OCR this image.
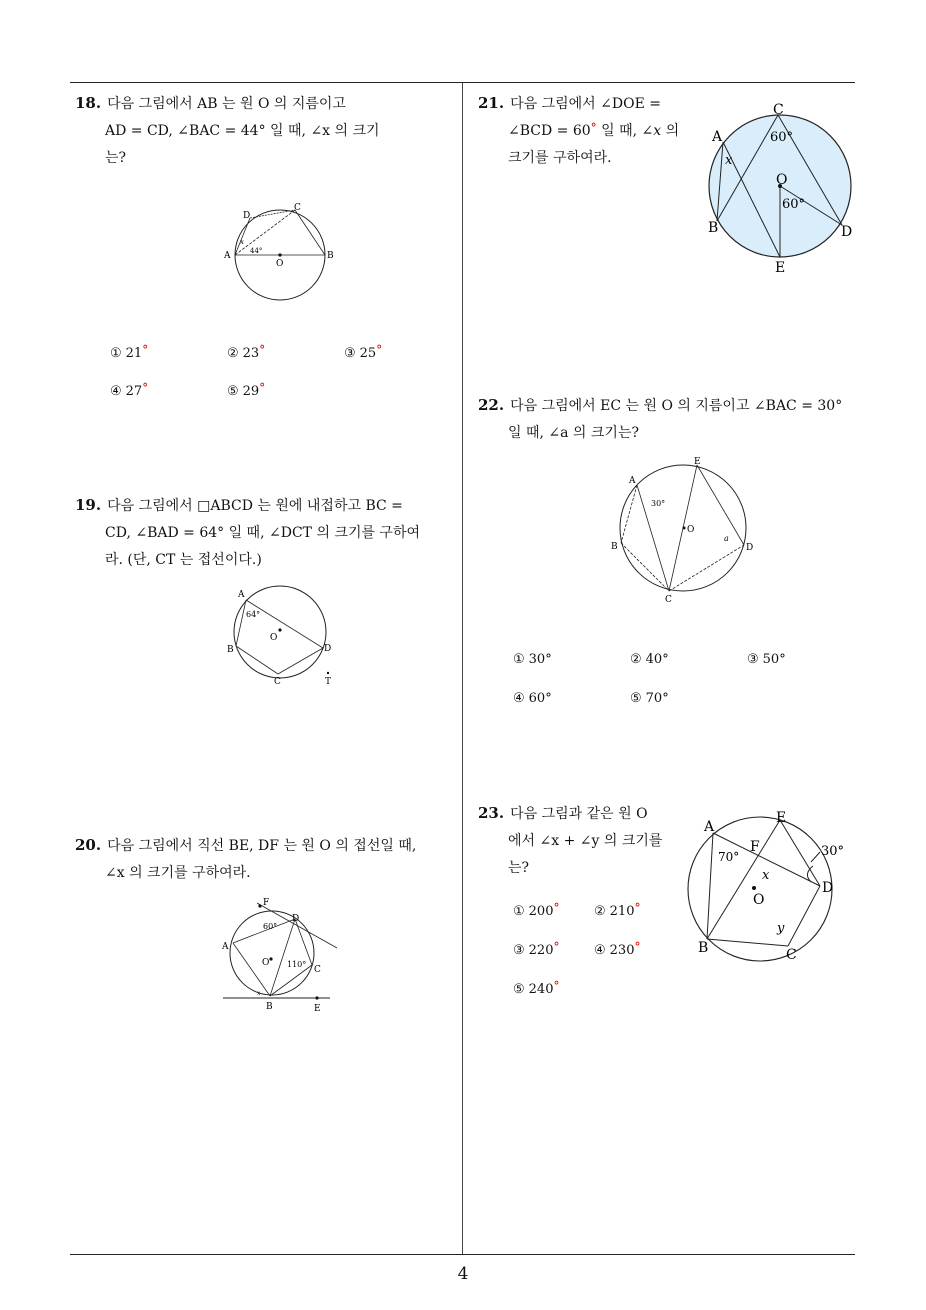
4
18. 다음 그림에서 AB 는 원 O 의 지름이고
AD = CD, ∠BAC = 44° 일 때, ∠x 의 크기
는?
A	B
C
D
O
44°
x
① 21°	② 23°	③ 25°
④ 27°	⑤ 29°
19. 다음 그림에서 □ABCD 는 원에 내접하고 BC =
CD, ∠BAD = 64° 일 때, ∠DCT 의 크기를 구하여
라. (단, CT 는 접선이다.)
A
B
C
D
O
T
64°
20. 다음 그림에서 직선 BE, DF 는 원 O 의 접선일 때,
∠x 의 크기를 구하여라.
F
D
A
O
C
B	E
60°
110°
x
21. 다음 그림에서 ∠DOE =
∠BCD = 60° 일 때, ∠x 의
크기를 구하여라.
C
A
O
B	D
E
60°
60°
x
22. 다음 그림에서 EC 는 원 O 의 지름이고 ∠BAC = 30°
일 때, ∠a 의 크기는?
E
A
B
C
D
O
30°
a
① 30°	② 40°	③ 50°
④ 60°	⑤ 70°
23. 다음 그림과 같은 원 O
에서 ∠x + ∠y 의 크기를
는?
A
E
F
D
O
B	C
70°	30°
x
y
① 200°	② 210°
③ 220°	④ 230°
⑤ 240°
